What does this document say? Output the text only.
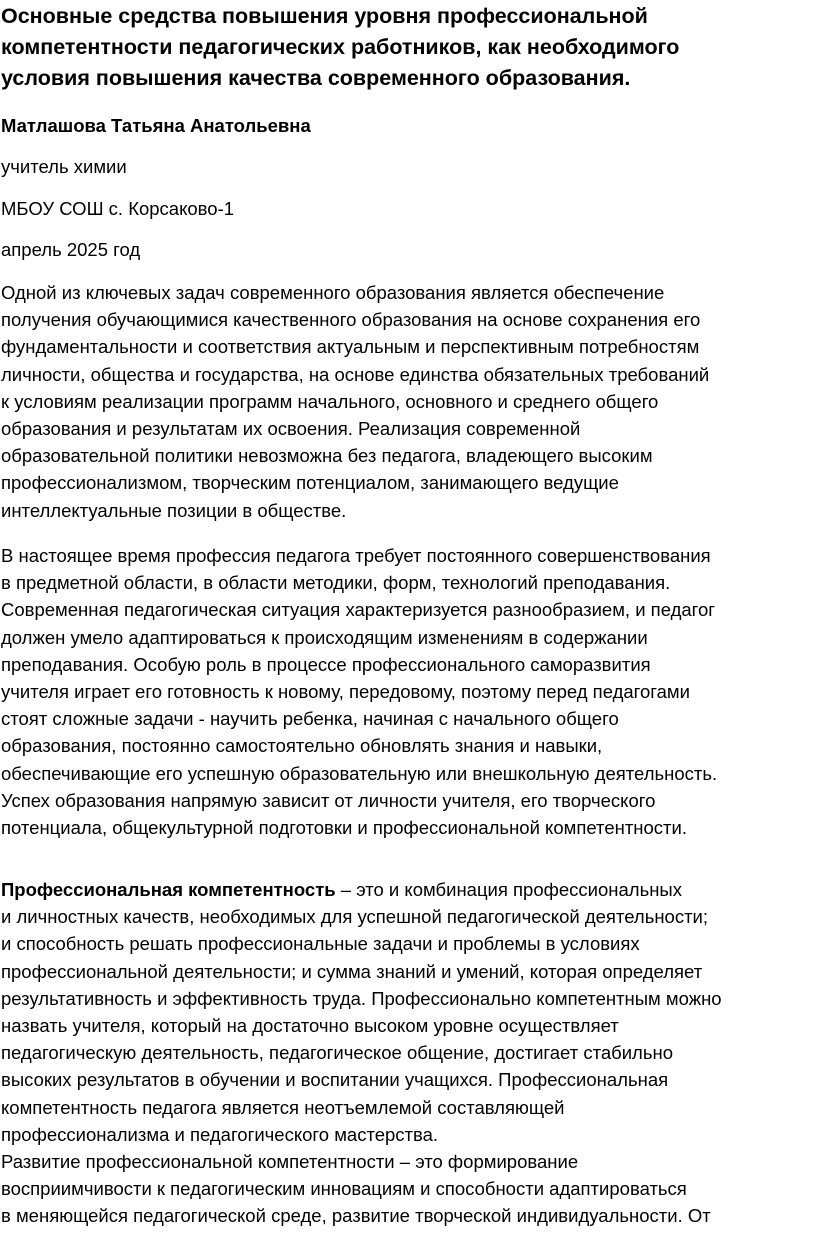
Основные средства повышения уровня профессиональной
компетентности педагогических работников, как необходимого
условия повышения качества современного образования.
Матлашова Татьяна Анатольевна
учитель химии
МБОУ СОШ с. Корсаково-1
апрель 2025 год

Одной из ключевых задач современного образования является обеспечение
получения обучающимися качественного образования на основе сохранения его
фундаментальности и соответствия актуальным и перспективным потребностям
личности, общества и государства, на основе единства обязательных требований
к условиям реализации программ начального, основного и среднего общего
образования и результатам их освоения. Реализация современной
образовательной политики невозможна без педагога, владеющего высоким
профессионализмом, творческим потенциалом, занимающего ведущие
интеллектуальные позиции в обществе.

В настоящее время профессия педагога требует постоянного совершенствования
в предметной области, в области методики, форм, технологий преподавания.
Современная педагогическая ситуация характеризуется разнообразием, и педагог
должен умело адаптироваться к происходящим изменениям в содержании
преподавания. Особую роль в процессе профессионального саморазвития
учителя играет его готовность к новому, передовому, поэтому перед педагогами
стоят сложные задачи - научить ребенка, начиная с начального общего
образования, постоянно самостоятельно обновлять знания и навыки,
обеспечивающие его успешную образовательную или внешкольную деятельность.
Успех образования напрямую зависит от личности учителя, его творческого
потенциала, общекультурной подготовки и профессиональной компетентности.

Профессиональная компетентность – это и комбинация профессиональных
и личностных качеств, необходимых для успешной педагогической деятельности;
и способность решать профессиональные задачи и проблемы в условиях
профессиональной деятельности; и сумма знаний и умений, которая определяет
результативность и эффективность труда. Профессионально компетентным можно
назвать учителя, который на достаточно высоком уровне осуществляет
педагогическую деятельность, педагогическое общение, достигает стабильно
высоких результатов в обучении и воспитании учащихся. Профессиональная
компетентность педагога является неотъемлемой составляющей
профессионализма и педагогического мастерства.
Развитие профессиональной компетентности – это формирование
восприимчивости к педагогическим инновациям и способности адаптироваться
в меняющейся педагогической среде, развитие творческой индивидуальности. От
